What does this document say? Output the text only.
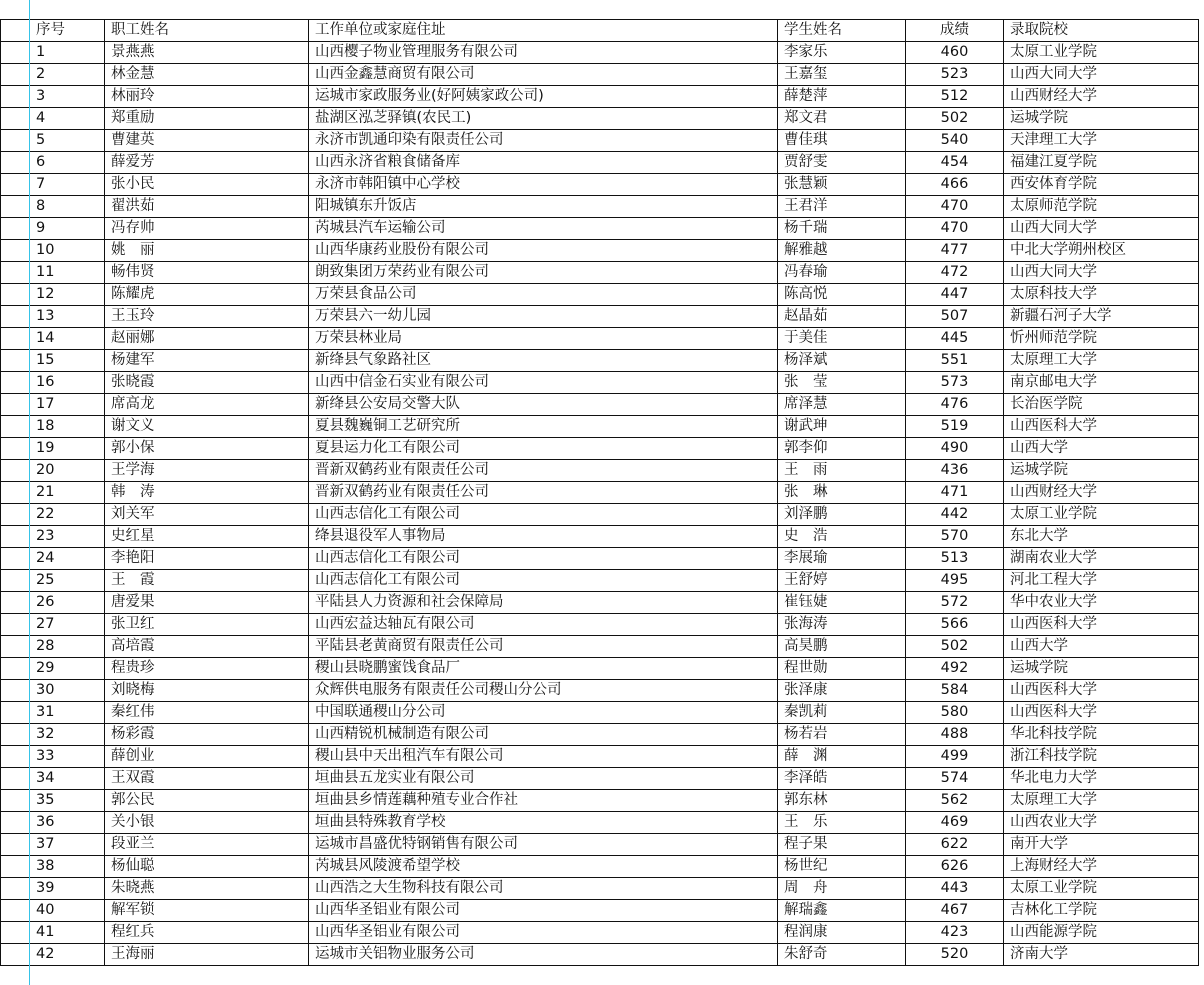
	序号	职工姓名	工作单位或家庭住址	学生姓名	成绩	录取院校
	1	景燕燕	山西樱子物业管理服务有限公司	李家乐	460	太原工业学院
	2	林金慧	山西金鑫慧商贸有限公司	王嘉玺	523	山西大同大学
	3	林丽玲	运城市家政服务业(好阿姨家政公司)	薛楚萍	512	山西财经大学
	4	郑重励	盐湖区泓芝驿镇(农民工)	郑文君	502	运城学院
	5	曹建英	永济市凯通印染有限责任公司	曹佳琪	540	天津理工大学
	6	薛爱芳	山西永济省粮食储备库	贾舒雯	454	福建江夏学院
	7	张小民	永济市韩阳镇中心学校	张慧颖	466	西安体育学院
	8	翟洪茹	阳城镇东升饭店	王君洋	470	太原师范学院
	9	冯存帅	芮城县汽车运输公司	杨千瑞	470	山西大同大学
	10	姚　丽	山西华康药业股份有限公司	解雅越	477	中北大学朔州校区
	11	畅伟贤	朗致集团万荣药业有限公司	冯春瑜	472	山西大同大学
	12	陈耀虎	万荣县食品公司	陈高悦	447	太原科技大学
	13	王玉玲	万荣县六一幼儿园	赵晶茹	507	新疆石河子大学
	14	赵丽娜	万荣县林业局	于美佳	445	忻州师范学院
	15	杨建军	新绛县气象路社区	杨泽斌	551	太原理工大学
	16	张晓霞	山西中信金石实业有限公司	张　莹	573	南京邮电大学
	17	席高龙	新绛县公安局交警大队	席泽慧	476	长治医学院
	18	谢文义	夏县魏巍铜工艺研究所	谢武珅	519	山西医科大学
	19	郭小保	夏县运力化工有限公司	郭李仰	490	山西大学
	20	王学海	晋新双鹤药业有限责任公司	王　雨	436	运城学院
	21	韩　涛	晋新双鹤药业有限责任公司	张　琳	471	山西财经大学
	22	刘关军	山西志信化工有限公司	刘泽鹏	442	太原工业学院
	23	史红星	绛县退役军人事物局	史　浩	570	东北大学
	24	李艳阳	山西志信化工有限公司	李展瑜	513	湖南农业大学
	25	王　霞	山西志信化工有限公司	王舒婷	495	河北工程大学
	26	唐爱果	平陆县人力资源和社会保障局	崔钰婕	572	华中农业大学
	27	张卫红	山西宏益达轴瓦有限公司	张海涛	566	山西医科大学
	28	高培霞	平陆县老黄商贸有限责任公司	高昊鹏	502	山西大学
	29	程贵珍	稷山县晓鹏蜜饯食品厂	程世勋	492	运城学院
	30	刘晓梅	众辉供电服务有限责任公司稷山分公司	张泽康	584	山西医科大学
	31	秦红伟	中国联通稷山分公司	秦凯莉	580	山西医科大学
	32	杨彩霞	山西精锐机械制造有限公司	杨若岩	488	华北科技学院
	33	薛创业	稷山县中天出租汽车有限公司	薛　渊	499	浙江科技学院
	34	王双霞	垣曲县五龙实业有限公司	李泽皓	574	华北电力大学
	35	郭公民	垣曲县乡情莲藕种殖专业合作社	郭东林	562	太原理工大学
	36	关小银	垣曲县特殊教育学校	王　乐	469	山西农业大学
	37	段亚兰	运城市昌盛优特钢销售有限公司	程子果	622	南开大学
	38	杨仙聪	芮城县风陵渡希望学校	杨世纪	626	上海财经大学
	39	朱晓燕	山西浩之大生物科技有限公司	周　舟	443	太原工业学院
	40	解军锁	山西华圣铝业有限公司	解瑞鑫	467	吉林化工学院
	41	程红兵	山西华圣铝业有限公司	程润康	423	山西能源学院
	42	王海丽	运城市关铝物业服务公司	朱舒奇	520	济南大学
